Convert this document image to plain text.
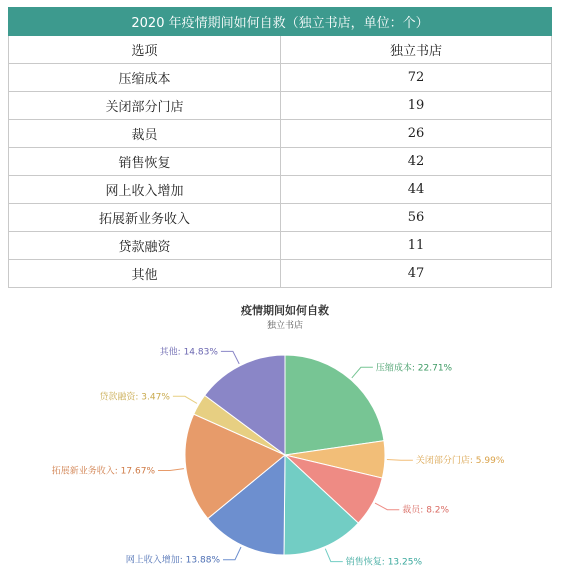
2020 年疫情期间如何自救（独立书店，单位：个）	
选项	独立书店
压缩成本	72
关闭部分门店	19
裁员	26
销售恢复	42
网上收入增加	44
拓展新业务收入	56
贷款融资	11
其他	47
疫情期间如何自救
独立书店
压缩成本: 22.71%
关闭部分门店: 5.99%
裁员: 8.2%
销售恢复: 13.25%
网上收入增加: 13.88%
拓展新业务收入: 17.67%
贷款融资: 3.47%
其他: 14.83%
